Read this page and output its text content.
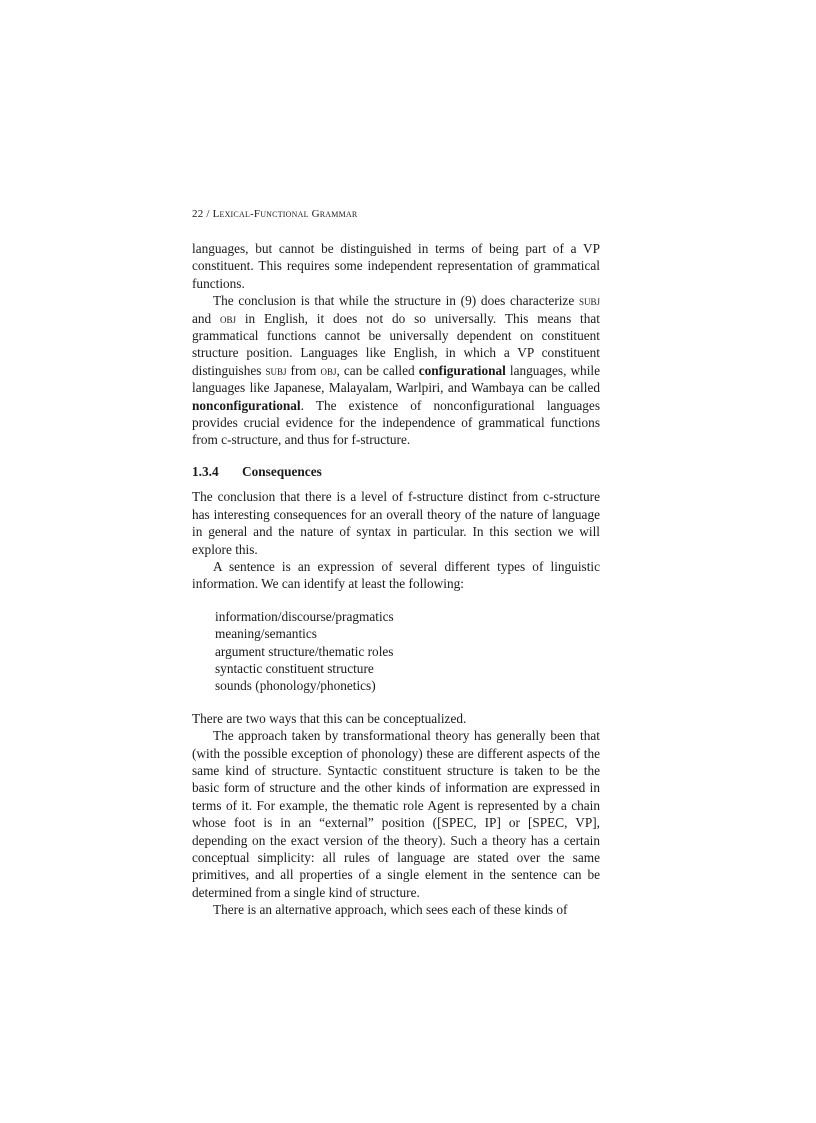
22 / Lexical-Functional Grammar

languages, but cannot be distinguished in terms of being part of a VP constituent. This requires some independent representation of grammatical functions.

The conclusion is that while the structure in (9) does characterize subj and obj in English, it does not do so universally. This means that grammatical functions cannot be universally dependent on constituent structure position. Languages like English, in which a VP constituent distinguishes subj from obj, can be called configurational languages, while languages like Japanese, Malayalam, Warlpiri, and Wambaya can be called nonconfigurational. The existence of nonconfigurational languages provides crucial evidence for the independence of grammatical functions from c-structure, and thus for f-structure.

1.3.4 Consequences

The conclusion that there is a level of f-structure distinct from c-structure has interesting consequences for an overall theory of the nature of language in general and the nature of syntax in particular. In this section we will explore this.

A sentence is an expression of several different types of linguistic information. We can identify at least the following:

information/discourse/pragmatics
meaning/semantics
argument structure/thematic roles
syntactic constituent structure
sounds (phonology/phonetics)

There are two ways that this can be conceptualized.

The approach taken by transformational theory has generally been that (with the possible exception of phonology) these are different aspects of the same kind of structure. Syntactic constituent structure is taken to be the basic form of structure and the other kinds of information are expressed in terms of it. For example, the thematic role Agent is represented by a chain whose foot is in an “external” position ([SPEC, IP] or [SPEC, VP], depending on the exact version of the theory). Such a theory has a certain conceptual simplicity: all rules of language are stated over the same primitives, and all properties of a single element in the sentence can be determined from a single kind of structure.

There is an alternative approach, which sees each of these kinds of
